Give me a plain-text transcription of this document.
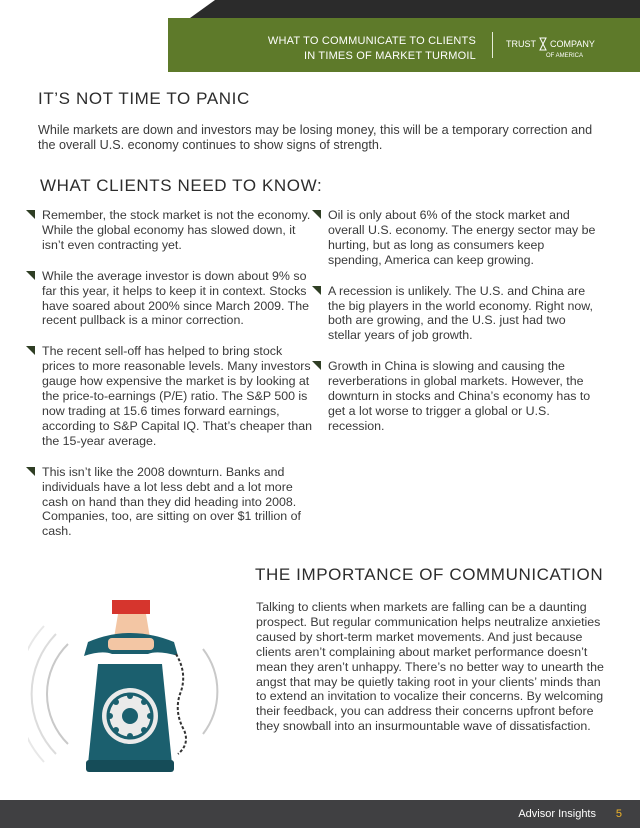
WHAT TO COMMUNICATE TO CLIENTS
IN TIMES OF MARKET TURMOIL
TRUST COMPANY
OF AMERICA
IT’S NOT TIME TO PANIC

While markets are down and investors may be losing money, this will be a temporary correction and the overall U.S. economy continues to show signs of strength.

WHAT CLIENTS NEED TO KNOW:
Remember, the stock market is not the economy. While the global economy has slowed down, it isn’t even contracting yet.
While the average investor is down about 9% so far this year, it helps to keep it in context. Stocks have soared about 200% since March 2009. The recent pullback is a minor correction.
The recent sell-off has helped to bring stock prices to more reasonable levels. Many investors gauge how expensive the market is by looking at the price-to-earnings (P/E) ratio. The S&P 500 is now trading at 15.6 times forward earnings, according to S&P Capital IQ. That’s cheaper than the 15-year average.
This isn’t like the 2008 downturn. Banks and individuals have a lot less debt and a lot more cash on hand than they did heading into 2008. Companies, too, are sitting on over $1 trillion of cash.
Oil is only about 6% of the stock market and overall U.S. economy. The energy sector may be hurting, but as long as consumers keep spending, America can keep growing.
A recession is unlikely. The U.S. and China are the big players in the world economy. Right now, both are growing, and the U.S. just had two stellar years of job growth.
Growth in China is slowing and causing the reverberations in global markets. However, the downturn in stocks and China’s economy has to get a lot worse to trigger a global or U.S. recession.
THE IMPORTANCE OF COMMUNICATION

Talking to clients when markets are falling can be a daunting prospect. But regular communication helps neutralize anxieties caused by short-term market movements. And just because clients aren’t complaining about market performance doesn’t mean they aren’t unhappy. There’s no better way to unearth the angst that may be quietly taking root in your clients’ minds than to extend an invitation to vocalize their concerns. By welcoming their feedback, you can address their concerns upfront before they snowball into an insurmountable wave of dissatisfaction.

Advisor Insights 5
